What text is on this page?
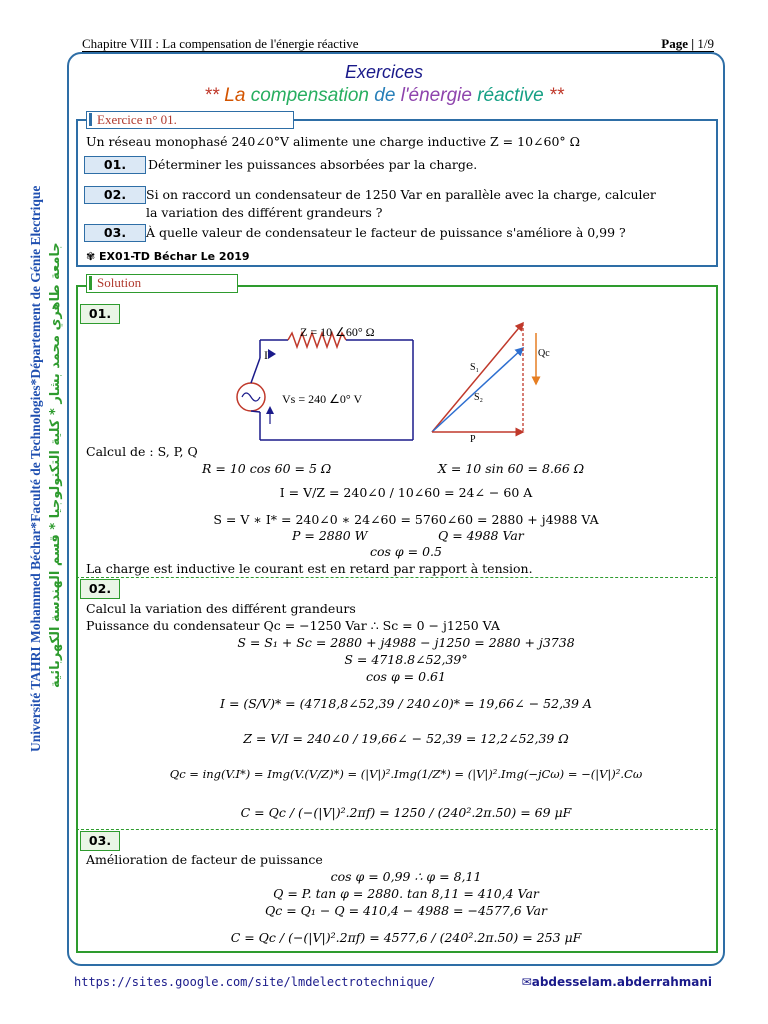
Chapitre VIII : La compensation de l'énergie réactive	Page | 1/9
Université TAHRI Mohammed Béchar*Faculté de Technologies*Département de Génie Electrique جامعة طاهري محمد بشار * كلية التكنولوجيا * قسم الهندسة الكهربائية
Exercices
** La compensation de l'énergie réactive **
Exercice n° 01.
Un réseau monophasé 240∠0°V alimente une charge inductive Z = 10∠60° Ω
01.	Déterminer les puissances absorbées par la charge.
02.	Si on raccord un condensateur de 1250 Var en parallèle avec la charge, calculer
la variation des différent grandeurs ?
03.	À quelle valeur de condensateur le facteur de puissance s'améliore à 0,99 ?
✾ EX01-TD Béchar Le 2019
Solution
01.
Z = 10 ∠60° Ω
I
Vs = 240 ∠0° V
S₁
S₂
Qc
P
Calcul de : S, P, Q
R = 10 cos 60 = 5 Ω	X = 10 sin 60 = 8.66 Ω
I = V/Z = 240∠0 / 10∠60 = 24∠ − 60 A
S = V ∗ I* = 240∠0 ∗ 24∠60 = 5760∠60 = 2880 + j4988 VA
P = 2880 W	Q = 4988 Var
cos φ = 0.5
La charge est inductive le courant est en retard par rapport à tension.
02.
Calcul la variation des différent grandeurs
Puissance du condensateur Qc = −1250 Var ∴ Sc = 0 − j1250 VA
S = S₁ + Sc = 2880 + j4988 − j1250 = 2880 + j3738
S = 4718.8∠52,39°
cos φ = 0.61
I = (S/V)* = (4718,8∠52,39 / 240∠0)* = 19,66∠ − 52,39 A
Z = V/I = 240∠0 / 19,66∠ − 52,39 = 12,2∠52,39 Ω
Qc = ing(V.I*) = Img(V.(V/Z)*) = (|V|)².Img(1/Z*) = (|V|)².Img(−jCω) = −(|V|)².Cω
C = Qc / (−(|V|)².2πf) = 1250 / (240².2π.50) = 69 μF
03.
Amélioration de facteur de puissance
cos φ = 0,99 ∴ φ = 8,11
Q = P. tan φ = 2880. tan 8,11 = 410,4 Var
Qc = Q₁ − Q = 410,4 − 4988 = −4577,6 Var
C = Qc / (−(|V|)².2πf) = 4577,6 / (240².2π.50) = 253 μF
https://sites.google.com/site/lmdelectrotechnique/	✉abdesselam.abderrahmani
